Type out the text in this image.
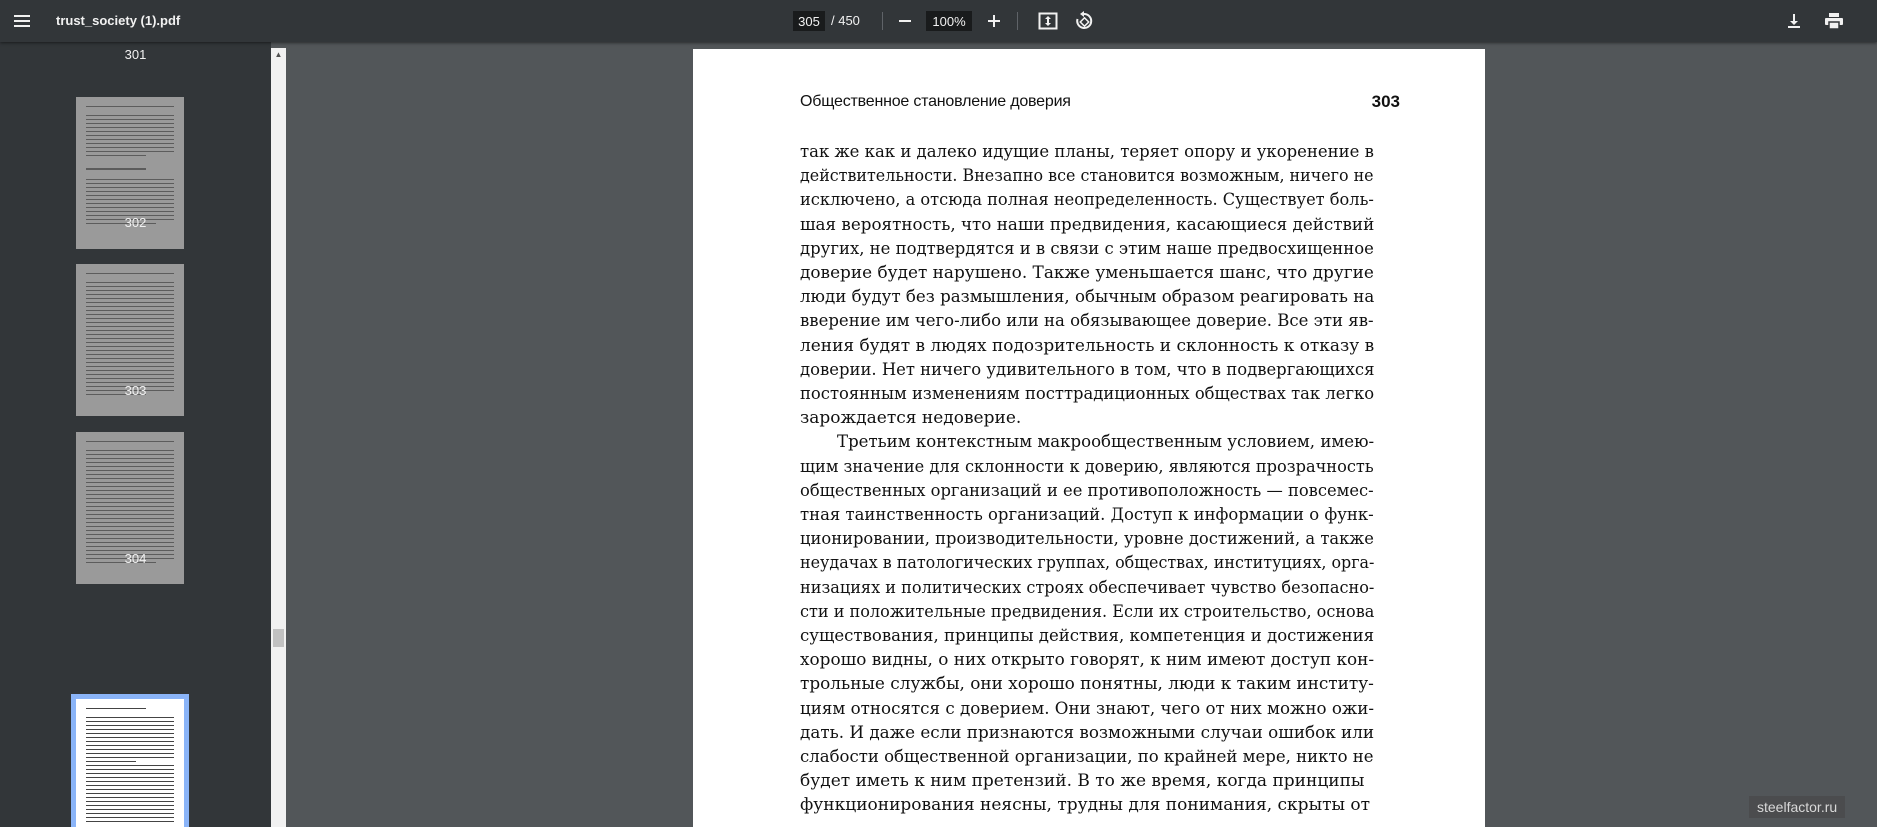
trust_society (1).pdf
305	/ 450
100%
301
302
303
304
▲
Общественное становление доверия	303
так же как и далеко идущие планы, теряет опору и укоренение в
действительности. Внезапно все становится возможным, ничего не
исключено, а отсюда полная неопределенность. Существует боль-
шая вероятность, что наши предвидения, касающиеся действий
других, не подтвердятся и в связи с этим наше предвосхищенное
доверие будет нарушено. Также уменьшается шанс, что другие
люди будут без размышления, обычным образом реагировать на
ввeрение им чего-либо или на обязывающее доверие. Все эти яв-
ления будят в людях подозрительность и склонность к отказу в
доверии. Нет ничего удивительного в том, что в подвергающихся
постоянным изменениям посттрадиционных обществах так легко
зарождается недоверие.
Третьим контекстным макрообщественным условием, имею-
щим значение для склонности к доверию, являются прозрачность
общественных организаций и ее противоположность — повсемес-
тная таинственность организаций. Доступ к информации о функ-
ционировании, производительности, уровне достижений, а также
неудачах в патологических группах, обществах, институциях, орга-
низациях и политических строях обеспечивает чувство безопасно-
сти и положительные предвидения. Если их строительство, основа
существования, принципы действия, компетенция и достижения
хорошо видны, о них открыто говорят, к ним имеют доступ кон-
трольные службы, они хорошо понятны, люди к таким институ-
циям относятся с доверием. Они знают, чего от них можно ожи-
дать. И даже если признаются возможными случаи ошибок или
слабости общественной организации, по крайней мере, никто не
будет иметь к ним претензий. В то же время, когда принципы
функционирования неясны, трудны для понимания, скрыты от	steelfactor.ru
